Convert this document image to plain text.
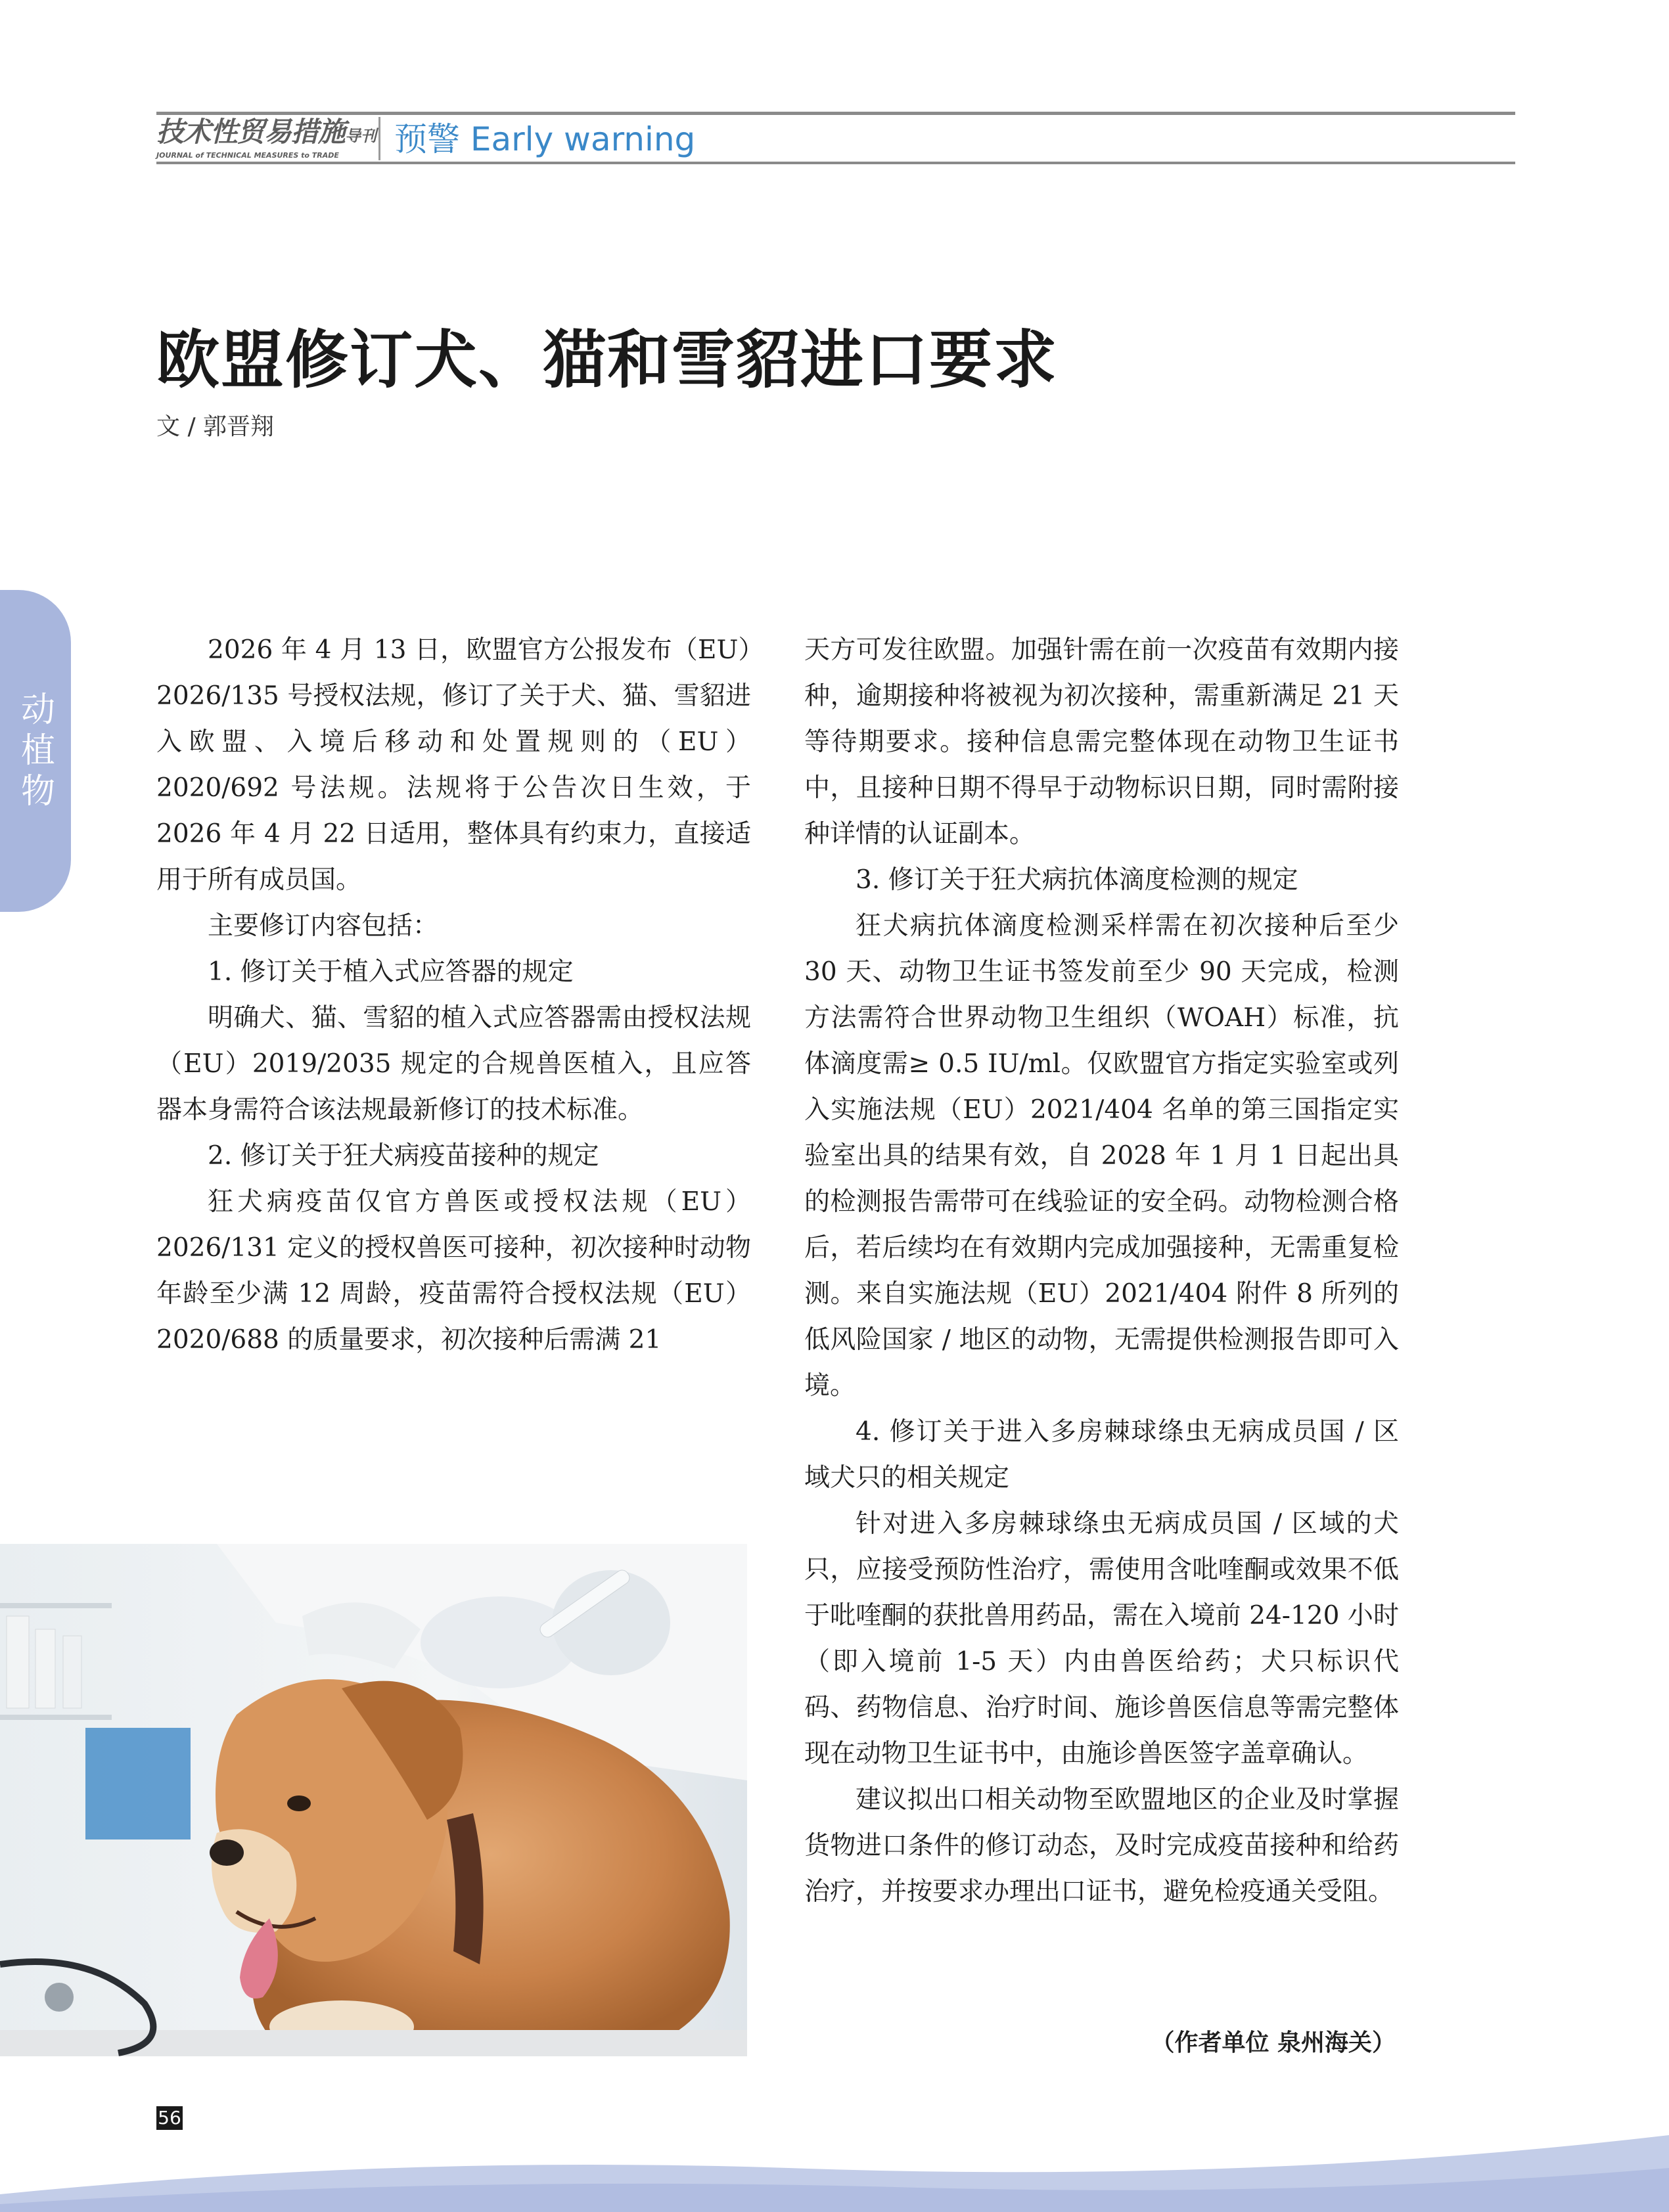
技术性贸易措施导刊
JOURNAL of TECHNICAL MEASURES to TRADE	预警 Early warning
欧盟修订犬、猫和雪貂进口要求
文 / 郭晋翔
动植物

2026 年 4 月 13 日，欧盟官方公报发布（EU）2026/135 号授权法规，修订了关于犬、猫、雪貂进入欧盟、入境后移动和处置规则的（EU）2020/692 号法规。法规将于公告次日生效，于 2026 年 4 月 22 日适用，整体具有约束力，直接适用于所有成员国。

主要修订内容包括：

1. 修订关于植入式应答器的规定

明确犬、猫、雪貂的植入式应答器需由授权法规（EU）2019/2035 规定的合规兽医植入，且应答器本身需符合该法规最新修订的技术标准。

2. 修订关于狂犬病疫苗接种的规定

狂犬病疫苗仅官方兽医或授权法规（EU）2026/131 定义的授权兽医可接种，初次接种时动物年龄至少满 12 周龄，疫苗需符合授权法规（EU）2020/688 的质量要求，初次接种后需满 21

天方可发往欧盟。加强针需在前一次疫苗有效期内接种，逾期接种将被视为初次接种，需重新满足 21 天等待期要求。接种信息需完整体现在动物卫生证书中，且接种日期不得早于动物标识日期，同时需附接种详情的认证副本。

3. 修订关于狂犬病抗体滴度检测的规定

狂犬病抗体滴度检测采样需在初次接种后至少 30 天、动物卫生证书签发前至少 90 天完成，检测方法需符合世界动物卫生组织（WOAH）标准，抗体滴度需≥ 0.5 IU/ml。仅欧盟官方指定实验室或列入实施法规（EU）2021/404 名单的第三国指定实验室出具的结果有效，自 2028 年 1 月 1 日起出具的检测报告需带可在线验证的安全码。动物检测合格后，若后续均在有效期内完成加强接种，无需重复检测。来自实施法规（EU）2021/404 附件 8 所列的低风险国家 / 地区的动物，无需提供检测报告即可入境。

4. 修订关于进入多房棘球绦虫无病成员国 / 区域犬只的相关规定

针对进入多房棘球绦虫无病成员国 / 区域的犬只，应接受预防性治疗，需使用含吡喹酮或效果不低于吡喹酮的获批兽用药品，需在入境前 24-120 小时（即入境前 1-5 天）内由兽医给药；犬只标识代码、药物信息、治疗时间、施诊兽医信息等需完整体现在动物卫生证书中，由施诊兽医签字盖章确认。

建议拟出口相关动物至欧盟地区的企业及时掌握货物进口条件的修订动态，及时完成疫苗接种和给药治疗，并按要求办理出口证书，避免检疫通关受阻。

（作者单位 泉州海关）
56
